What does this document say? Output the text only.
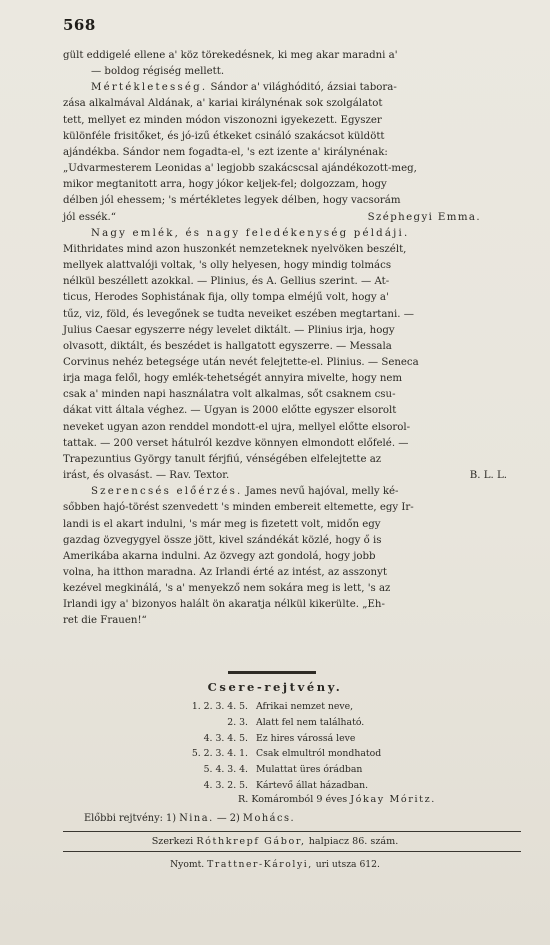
568

gült eddigelé ellene a' köz törekedésnek, ki meg akar maradni a'

— boldog régiség mellett.

Mértékletesség. Sándor a' világhóditó, ázsiai tabora-

zása alkalmával Aldának, a' kariai királynénak sok szolgálatot

tett, mellyet ez minden módon viszonozni igyekezett. Egyszer

különféle frisitőket, és jó-izű étkeket csináló szakácsot küldött

ajándékba. Sándor nem fogadta-el, 's ezt izente a' királynénak:

„Udvarmesterem Leonidas a' legjobb szakácscsal ajándékozott-meg,

mikor megtanitott arra, hogy jókor keljek-fel; dolgozzam, hogy

délben jól ehessem; 's mértékletes legyek délben, hogy vacsorám

jól essék.“	Széphegyi Emma.

Nagy emlék, és nagy feledékenység példáji.

Mithridates mind azon huszonkét nemzeteknek nyelvöken beszélt,

mellyek alattvalóji voltak, 's olly helyesen, hogy mindig tolmács

nélkül beszéllett azokkal. — Plinius, és A. Gellius szerint. — At-

ticus, Herodes Sophistának fija, olly tompa elméjű volt, hogy a'

tűz, viz, föld, és levegőnek se tudta neveiket eszében megtartani. —

Julius Caesar egyszerre négy levelet diktált. — Plinius irja, hogy

olvasott, diktált, és beszédet is hallgatott egyszerre. — Messala

Corvinus nehéz betegsége után nevét felejtette-el. Plinius. — Seneca

irja maga felől, hogy emlék-tehetségét annyira mivelte, hogy nem

csak a' minden napi használatra volt alkalmas, sőt csaknem csu-

dákat vitt általa véghez. — Ugyan is 2000 előtte egyszer elsorolt

neveket ugyan azon renddel mondott-el ujra, mellyel előtte elsorol-

tattak. — 200 verset hátulról kezdve könnyen elmondott előfelé. —

Trapezuntius György tanult férjfiú, vénségében elfelejtette az

irást, és olvasást. — Rav. Textor.	B. L. L.

Szerencsés előérzés. James nevű hajóval, melly ké-

sőbben hajó-törést szenvedett 's minden embereit eltemette, egy Ir-

landi is el akart indulni, 's már meg is fizetett volt, midőn egy

gazdag özvegygyel össze jött, kivel szándékát közlé, hogy ő is

Amerikába akarna indulni. Az özvegy azt gondolá, hogy jobb

volna, ha itthon maradna. Az Irlandi érté az intést, az asszonyt

kezével megkinálá, 's a' menyekző nem sokára meg is lett, 's az

Irlandi igy a' bizonyos halált ön akaratja nélkül kikerülte. „Eh-

ret die Frauen!“

Csere-rejtvény.
1. 2. 3. 4. 5. Afrikai nemzet neve,
2. 3. Alatt fel nem található.
4. 3. 4. 5. Ez hires várossá leve
5. 2. 3. 4. 1. Csak elmultról mondhatod
5. 4. 3. 4. Mulattat üres órádban
4. 3. 2. 5. Kártevő állat házadban.
R. Komáromból 9 éves Jókay Móritz.
Előbbi rejtvény: 1) Nina. — 2) Mohács.
Szerkezi Róthkrepf Gábor, halpiacz 86. szám.
Nyomt. Trattner-Károlyi, uri utsza 612.
